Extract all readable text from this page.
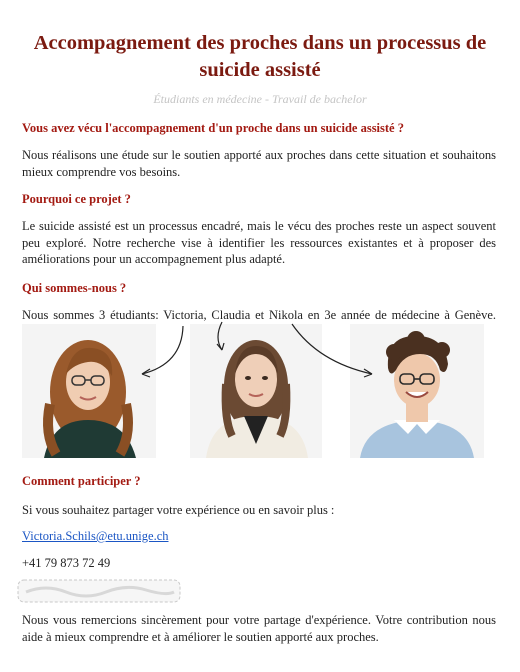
Accompagnement des proches dans un processus de suicide assisté
Étudiants en médecine - Travail de bachelor
Vous avez vécu l'accompagnement d'un proche dans un suicide assisté ?
Nous réalisons une étude sur le soutien apporté aux proches dans cette situation et souhaitons mieux comprendre vos besoins.
Pourquoi ce projet ?
Le suicide assisté est un processus encadré, mais le vécu des proches reste un aspect souvent peu exploré. Notre recherche vise à identifier les ressources existantes et à proposer des améliorations pour un accompagnement plus adapté.
Qui sommes-nous ?
Nous sommes 3 étudiants: Victoria, Claudia et Nikola en 3e année de médecine à Genève.
Comment participer ?
Si vous souhaitez partager votre expérience ou en savoir plus :
Victoria.Schils@etu.unige.ch
+41 79 873 72 49
Nous vous remercions sincèrement pour votre partage d'expérience. Votre contribution nous aide à mieux comprendre et à améliorer le soutien apporté aux proches.
